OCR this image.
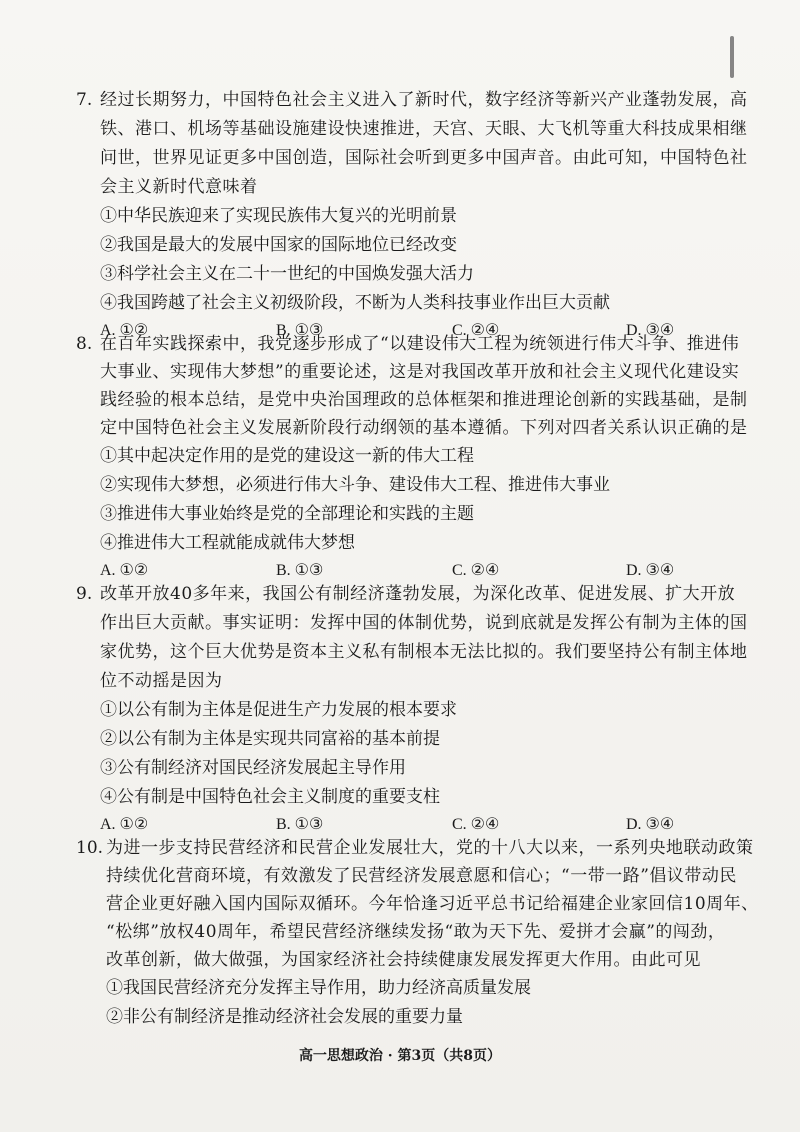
7. 经过长期努力，中国特色社会主义进入了新时代，数字经济等新兴产业蓬勃发展，高
铁、港口、机场等基础设施建设快速推进，天宫、天眼、大飞机等重大科技成果相继
问世，世界见证更多中国创造，国际社会听到更多中国声音。由此可知，中国特色社
会主义新时代意味着
①中华民族迎来了实现民族伟大复兴的光明前景
②我国是最大的发展中国家的国际地位已经改变
③科学社会主义在二十一世纪的中国焕发强大活力
④我国跨越了社会主义初级阶段，不断为人类科技事业作出巨大贡献
A. ①②	B. ①③	C. ②④	D. ③④
8. 在百年实践探索中，我党逐步形成了“以建设伟大工程为统领进行伟大斗争、推进伟
大事业、实现伟大梦想”的重要论述，这是对我国改革开放和社会主义现代化建设实
践经验的根本总结，是党中央治国理政的总体框架和推进理论创新的实践基础，是制
定中国特色社会主义发展新阶段行动纲领的基本遵循。下列对四者关系认识正确的是
①其中起决定作用的是党的建设这一新的伟大工程
②实现伟大梦想，必须进行伟大斗争、建设伟大工程、推进伟大事业
③推进伟大事业始终是党的全部理论和实践的主题
④推进伟大工程就能成就伟大梦想
A. ①②	B. ①③	C. ②④	D. ③④
9. 改革开放40多年来，我国公有制经济蓬勃发展，为深化改革、促进发展、扩大开放
作出巨大贡献。事实证明：发挥中国的体制优势，说到底就是发挥公有制为主体的国
家优势，这个巨大优势是资本主义私有制根本无法比拟的。我们要坚持公有制主体地
位不动摇是因为
①以公有制为主体是促进生产力发展的根本要求
②以公有制为主体是实现共同富裕的基本前提
③公有制经济对国民经济发展起主导作用
④公有制是中国特色社会主义制度的重要支柱
A. ①②	B. ①③	C. ②④	D. ③④
10. 为进一步支持民营经济和民营企业发展壮大，党的十八大以来，一系列央地联动政策
持续优化营商环境，有效激发了民营经济发展意愿和信心；“一带一路”倡议带动民
营企业更好融入国内国际双循环。今年恰逢习近平总书记给福建企业家回信10周年、
“松绑”放权40周年，希望民营经济继续发扬“敢为天下先、爱拼才会赢”的闯劲，
改革创新，做大做强，为国家经济社会持续健康发展发挥更大作用。由此可见
①我国民营经济充分发挥主导作用，助力经济高质量发展
②非公有制经济是推动经济社会发展的重要力量
高一思想政治 · 第3页（共8页）
